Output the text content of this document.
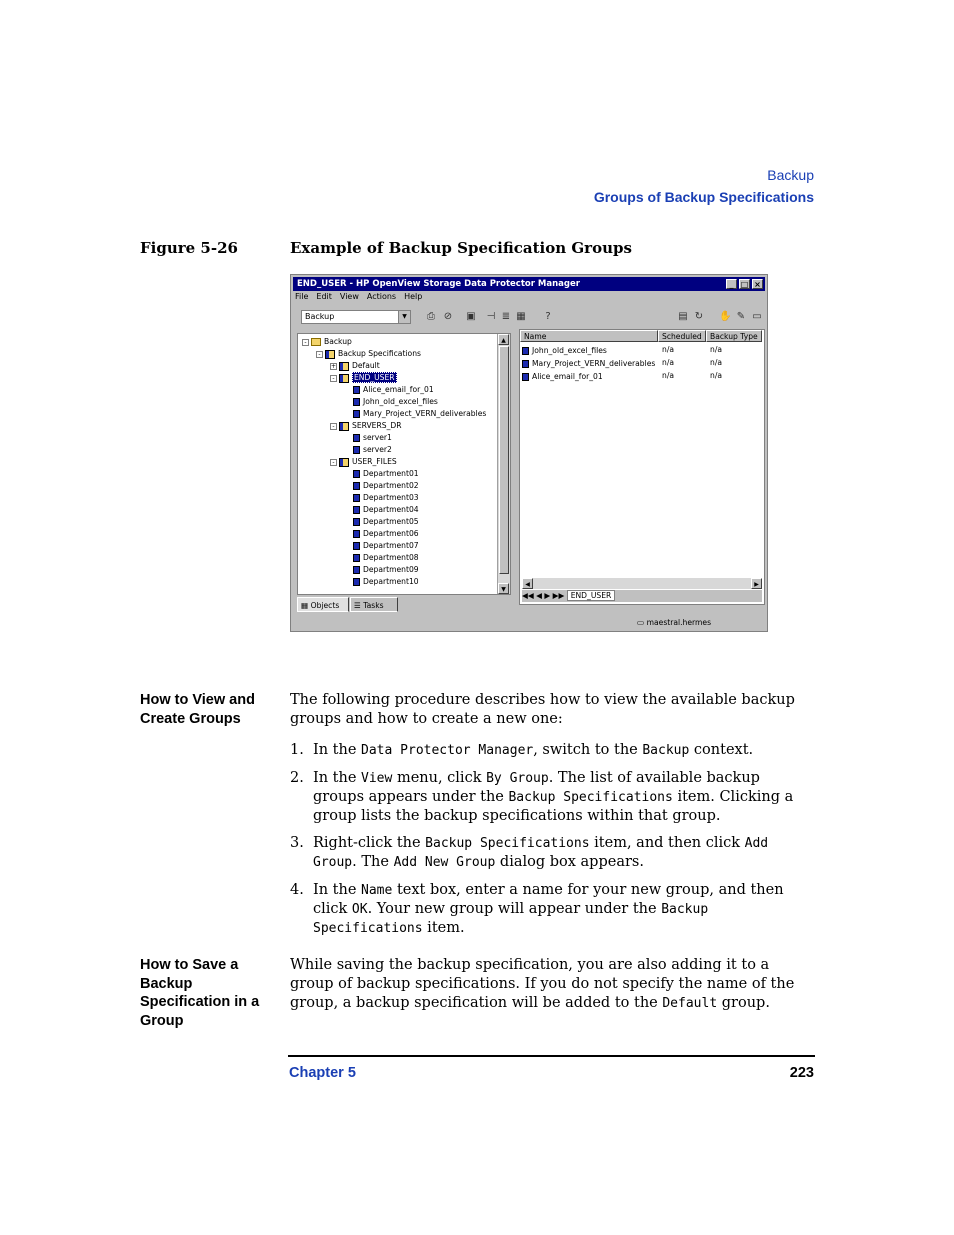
Backup
Groups of Backup Specifications
Figure 5-26	Example of Backup Specification Groups
END_USER - HP OpenView Storage Data Protector Manager	_ □ ×
File Edit View Actions Help
Backup	▼	⎙ ⊘ ▣ ⊣ ≣ ▦	?	▤ ↻ ✋ ✎ ▭
▲
▼
- Backup
- Backup Specifications
+ Default
-	END_USER
Alice_email_for_01
John_old_excel_files
Mary_Project_VERN_deliverables
- SERVERS_DR
server1
server2
- USER_FILES
Department01
Department02
Department03
Department04
Department05
Department06
Department07
Department08
Department09
Department10
▦ Objects	☰ Tasks
Name	Scheduled	Backup Type
◀	▶
◀◀ ◀ ▶ ▶▶ END_USER
John_old_excel_files	n/a	n/a
Mary_Project_VERN_deliverables n/a	n/a
Alice_email_for_01	n/a	n/a
▭ maestral.hermes
How to View and Create Groups
The following procedure describes how to view the available backup groups and how to create a new one:
1. In the Data Protector Manager, switch to the Backup context.
2. In the View menu, click By Group. The list of available backup groups appears under the Backup Specifications item. Clicking a group lists the backup specifications within that group.
3. Right-click the Backup Specifications item, and then click Add Group. The Add New Group dialog box appears.
4. In the Name text box, enter a name for your new group, and then click OK. Your new group will appear under the Backup Specifications item.
How to Save a Backup Specification in a Group
While saving the backup specification, you are also adding it to a group of backup specifications. If you do not specify the name of the group, a backup specification will be added to the Default group.
Chapter 5	223
